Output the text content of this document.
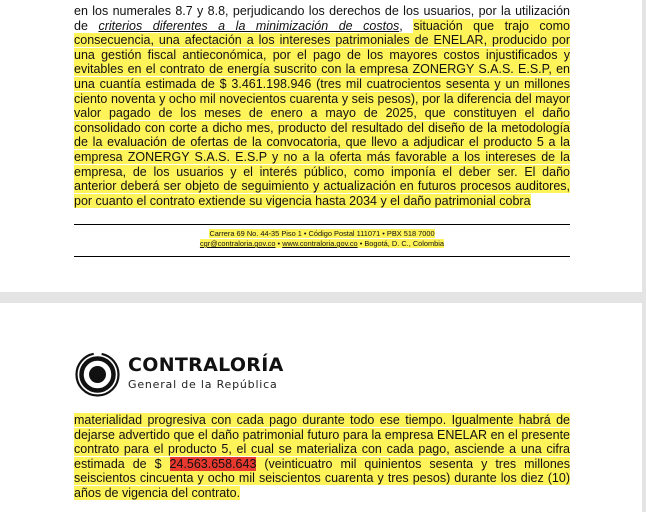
en los numerales 8.7 y 8.8, perjudicando los derechos de los usuarios, por la utilización de criterios diferentes a la minimización de costos, situación que trajo como consecuencia, una afectación a los intereses patrimoniales de ENELAR, producido por una gestión fiscal antieconómica, por el pago de los mayores costos injustificados y evitables en el contrato de energía suscrito con la empresa ZONERGY S.A.S. E.S.P, en una cuantía estimada de $ 3.461.198.946 (tres mil cuatrocientos sesenta y un millones ciento noventa y ocho mil novecientos cuarenta y seis pesos), por la diferencia del mayor valor pagado de los meses de enero a mayo de 2025, que constituyen el daño consolidado con corte a dicho mes, producto del resultado del diseño de la metodología de la evaluación de ofertas de la convocatoria, que llevo a adjudicar el producto 5 a la empresa ZONERGY S.A.S. E.S.P y no a la oferta más favorable a los intereses de la empresa, de los usuarios y el interés público, como imponía el deber ser. El daño anterior deberá ser objeto de seguimiento y actualización en futuros procesos auditores, por cuanto el contrato extiende su vigencia hasta 2034 y el daño patrimonial cobra

Carrera 69 No. 44-35 Piso 1 • Código Postal 111071 • PBX 518 7000
cgr@contraloria.gov.co • www.contraloria.gov.co • Bogotá, D. C., Colombia
CONTRALORÍA
General de la República

materialidad progresiva con cada pago durante todo ese tiempo. Igualmente habrá de dejarse advertido que el daño patrimonial futuro para la empresa ENELAR en el presente contrato para el producto 5, el cual se materializa con cada pago, asciende a una cifra estimada de $ 24.563.658.643 (veinticuatro mil quinientos sesenta y tres millones seiscientos cincuenta y ocho mil seiscientos cuarenta y tres pesos) durante los diez (10) años de vigencia del contrato.
